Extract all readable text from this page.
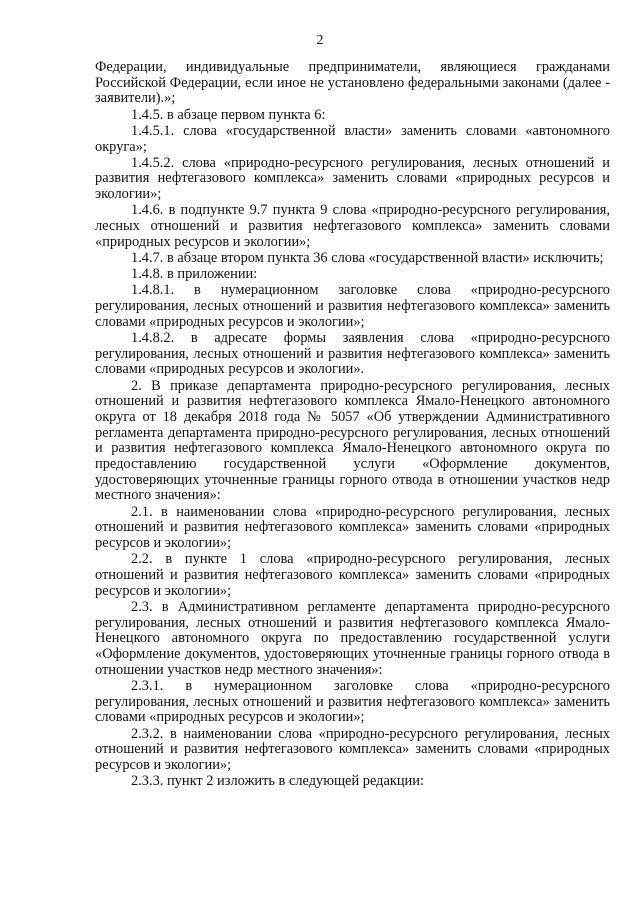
2

Федерации, индивидуальные предприниматели, являющиеся гражданами Российской Федерации, если иное не установлено федеральными законами (далее - заявители).»;

1.4.5. в абзаце первом пункта 6:

1.4.5.1. слова «государственной власти» заменить словами «автономного округа»;

1.4.5.2. слова «природно-ресурсного регулирования, лесных отношений и развития нефтегазового комплекса» заменить словами «природных ресурсов и экологии»;

1.4.6. в подпункте 9.7 пункта 9 слова «природно-ресурсного регулирования, лесных отношений и развития нефтегазового комплекса» заменить словами «природных ресурсов и экологии»;

1.4.7. в абзаце втором пункта 36 слова «государственной власти» исключить;

1.4.8. в приложении:

1.4.8.1. в нумерационном заголовке слова «природно-ресурсного регулирования, лесных отношений и развития нефтегазового комплекса» заменить словами «природных ресурсов и экологии»;

1.4.8.2. в адресате формы заявления слова «природно-ресурсного регулирования, лесных отношений и развития нефтегазового комплекса» заменить словами «природных ресурсов и экологии».

2. В приказе департамента природно-ресурсного регулирования, лесных отношений и развития нефтегазового комплекса Ямало-Ненецкого автономного округа от 18 декабря 2018 года № 5057 «Об утверждении Административного регламента департамента природно-ресурсного регулирования, лесных отношений и развития нефтегазового комплекса Ямало-Ненецкого автономного округа по предоставлению государственной услуги «Оформление документов, удостоверяющих уточненные границы горного отвода в отношении участков недр местного значения»:

2.1. в наименовании слова «природно-ресурсного регулирования, лесных отношений и развития нефтегазового комплекса» заменить словами «природных ресурсов и экологии»;

2.2. в пункте 1 слова «природно-ресурсного регулирования, лесных отношений и развития нефтегазового комплекса» заменить словами «природных ресурсов и экологии»;

2.3. в Административном регламенте департамента природно-ресурсного регулирования, лесных отношений и развития нефтегазового комплекса Ямало-Ненецкого автономного округа по предоставлению государственной услуги «Оформление документов, удостоверяющих уточненные границы горного отвода в отношении участков недр местного значения»:

2.3.1. в нумерационном заголовке слова «природно-ресурсного регулирования, лесных отношений и развития нефтегазового комплекса» заменить словами «природных ресурсов и экологии»;

2.3.2. в наименовании слова «природно-ресурсного регулирования, лесных отношений и развития нефтегазового комплекса» заменить словами «природных ресурсов и экологии»;

2.3.3. пункт 2 изложить в следующей редакции:
